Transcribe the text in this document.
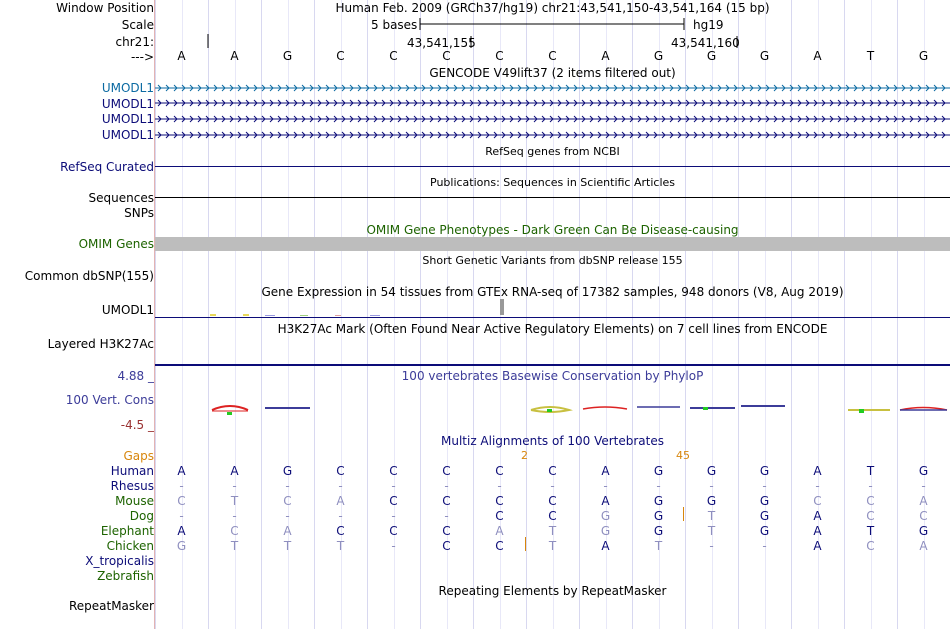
Window Position
Scale
chr21:
--->
UMODL1
UMODL1
UMODL1
UMODL1
RefSeq Curated
Sequences
SNPs
OMIM Genes
Common dbSNP(155)
UMODL1
Layered H3K27Ac
4.88 _
100 Vert. Cons
-4.5 _
Gaps
Human
Rhesus
Mouse
Dog
Elephant
Chicken
X_tropicalis
Zebrafish
RepeatMasker
Human Feb. 2009 (GRCh37/hg19) chr21:43,541,150-43,541,164 (15 bp)
5 bases	hg19
43,541,155	43,541,160
A	A	G	C	C	C	C	C	A	G	G	G	A	T	G
GENCODE V49lift37 (2 items filtered out)
RefSeq genes from NCBI
Publications: Sequences in Scientific Articles
OMIM Gene Phenotypes - Dark Green Can Be Disease-causing
Short Genetic Variants from dbSNP release 155
Gene Expression in 54 tissues from GTEx RNA-seq of 17382 samples, 948 donors (V8, Aug 2019)
H3K27Ac Mark (Often Found Near Active Regulatory Elements) on 7 cell lines from ENCODE
100 vertebrates Basewise Conservation by PhyloP
Multiz Alignments of 100 Vertebrates
2	45
A	A	G	C	C	C	C	C	A	G	G	G	A	T	G
-	-	-	-	-	-	-	-	-	-	-	-	-	-	-
C	T	C	A	C	C	C	C	A	G	G	G	C	C	A
-	-	-	-	-	-	C	C	G	G	T	G	A	C	C
A	C	A	C	C	C	A	T	G	G	T	G	A	T	G
G	T	T	T	-	C	C	T	A	T	-	-	A	C	A
Repeating Elements by RepeatMasker
